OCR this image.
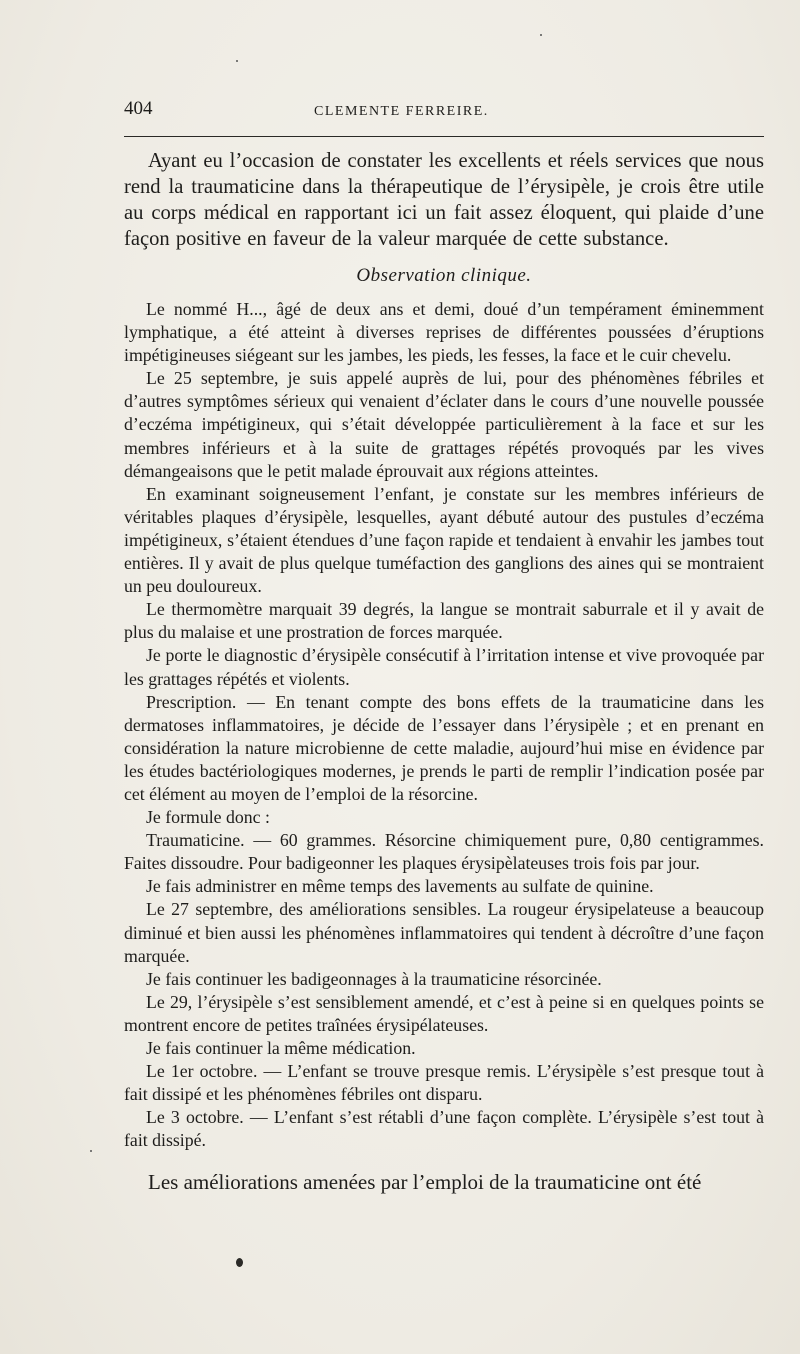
404	CLEMENTE FERREIRE.

Ayant eu l’occasion de constater les excellents et réels services que nous rend la traumaticine dans la thérapeutique de l’érysipèle, je crois être utile au corps médical en rapportant ici un fait assez éloquent, qui plaide d’une façon positive en faveur de la valeur marquée de cette substance.

Observation clinique.

Le nommé H..., âgé de deux ans et demi, doué d’un tempérament éminemment lymphatique, a été atteint à diverses reprises de différentes poussées d’éruptions impétigineuses siégeant sur les jambes, les pieds, les fesses, la face et le cuir chevelu.

Le 25 septembre, je suis appelé auprès de lui, pour des phénomènes fébriles et d’autres symptômes sérieux qui venaient d’éclater dans le cours d’une nouvelle poussée d’eczéma impétigineux, qui s’était développée particulièrement à la face et sur les membres inférieurs et à la suite de grattages répétés provoqués par les vives démangeaisons que le petit malade éprouvait aux régions atteintes.

En examinant soigneusement l’enfant, je constate sur les membres inférieurs de véritables plaques d’érysipèle, lesquelles, ayant débuté autour des pustules d’eczéma impétigineux, s’étaient étendues d’une façon rapide et tendaient à envahir les jambes tout entières. Il y avait de plus quelque tuméfaction des ganglions des aines qui se montraient un peu douloureux.

Le thermomètre marquait 39 degrés, la langue se montrait saburrale et il y avait de plus du malaise et une prostration de forces marquée.

Je porte le diagnostic d’érysipèle consécutif à l’irritation intense et vive provoquée par les grattages répétés et violents.

Prescription. — En tenant compte des bons effets de la traumaticine dans les dermatoses inflammatoires, je décide de l’essayer dans l’érysipèle ; et en prenant en considération la nature microbienne de cette maladie, aujourd’hui mise en évidence par les études bactériologiques modernes, je prends le parti de remplir l’indication posée par cet élément au moyen de l’emploi de la résorcine.

Je formule donc :

Traumaticine. — 60 grammes. Résorcine chimiquement pure, 0,80 centigrammes. Faites dissoudre. Pour badigeonner les plaques érysipèlateuses trois fois par jour.

Je fais administrer en même temps des lavements au sulfate de quinine.

Le 27 septembre, des améliorations sensibles. La rougeur érysipelateuse a beaucoup diminué et bien aussi les phénomènes inflammatoires qui tendent à décroître d’une façon marquée.

Je fais continuer les badigeonnages à la traumaticine résorcinée.

Le 29, l’érysipèle s’est sensiblement amendé, et c’est à peine si en quelques points se montrent encore de petites traînées érysipélateuses.

Je fais continuer la même médication.

Le 1er octobre. — L’enfant se trouve presque remis. L’érysipèle s’est presque tout à fait dissipé et les phénomènes fébriles ont disparu.

Le 3 octobre. — L’enfant s’est rétabli d’une façon complète. L’érysipèle s’est tout à fait dissipé.

Les améliorations amenées par l’emploi de la traumaticine ont été
